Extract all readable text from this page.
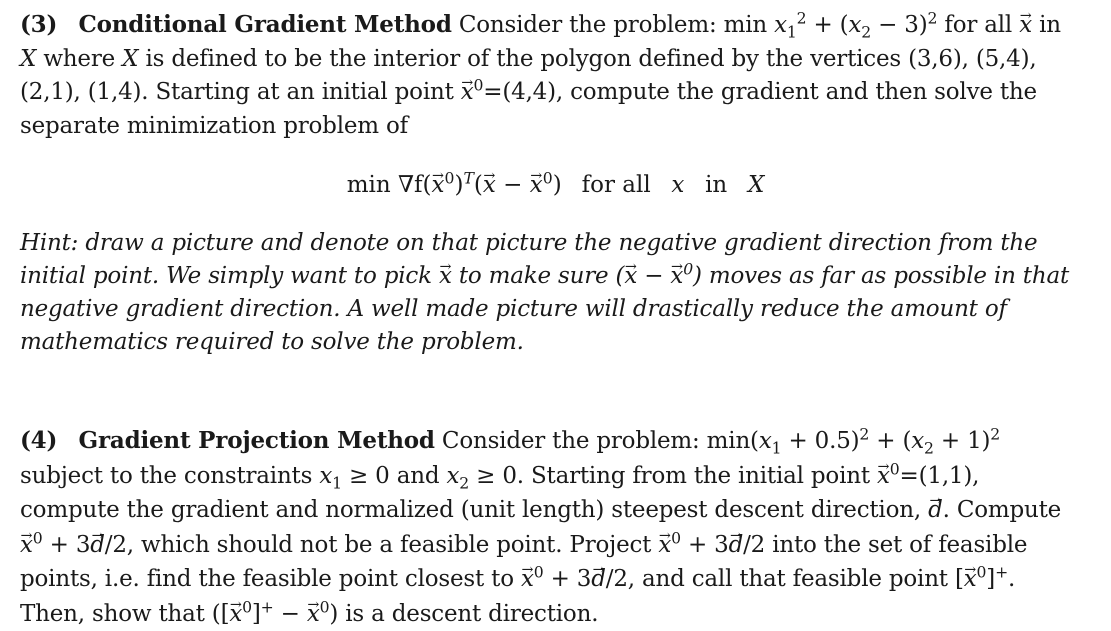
(3) Conditional Gradient Method Consider the problem: $\min x_1^2 + (x_2 - 3)^2$ for all → x in X where X is defined to be the interior of the polygon defined by the vertices (3,6), (5,4), (2,1), (1,4). Starting at an initial point → $x^0=(4,4)$, compute the gradient and then solve the separate minimization problem of
$\min \nabla f(\to x^0)^T(\to x$ − → $x^0$) for all x in X
Hint: draw a picture and denote on that picture the negative gradient direction from the initial point. We simply want to pick → x to make sure (→ x − → $x^0$) moves as far as possible in that negative gradient direction. A well made picture will drastically reduce the amount of mathematics required to solve the problem.
(4) Gradient Projection Method Consider the problem: $\min(x_1 + 0.5)^2 + (x_2 + 1)^2$ subject to the constraints $x_1 \ge 0$ and $x_2 \ge 0$. Starting from the initial point → $x^0=(1,1)$, compute the gradient and normalized (unit length) steepest descent direction, → d. Compute → $x^0 + 3\to d/2$, which should not be a feasible point. Project → $x^0 + 3\to d/2$ into the set of feasible points, i.e. find the feasible point closest to → $x^0 + 3\to d/2$, and call that feasible point [→ $x^0]^+$. Then, show that ([→ $x^0]^+$ − → $x^0$) is a descent direction.
